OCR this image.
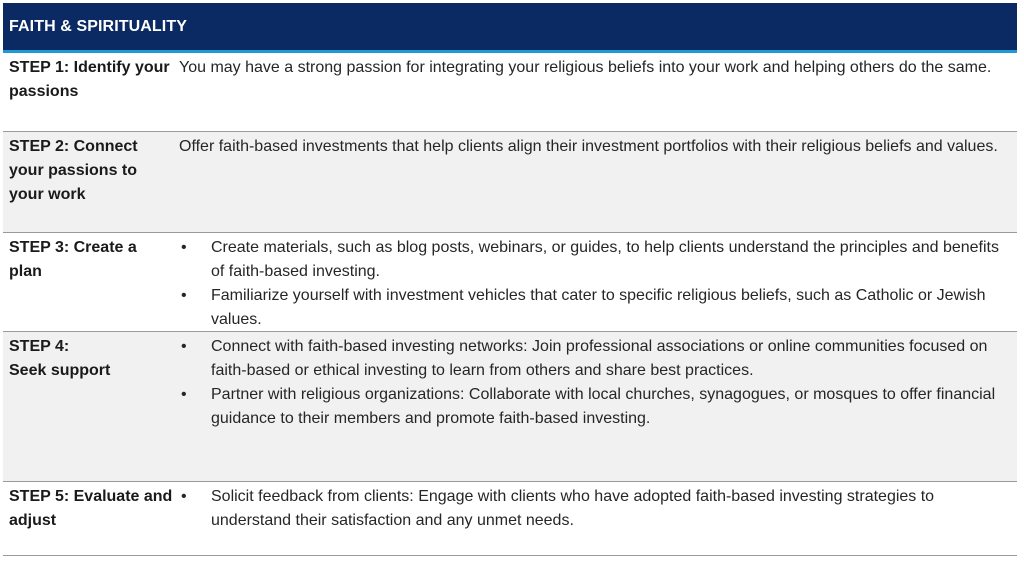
FAITH & SPIRITUALITY
STEP 1: Identify your passions

You may have a strong passion for integrating your religious beliefs into your work and helping others do the same.

STEP 2: Connect your passions to your work

Offer faith-based investments that help clients align their investment portfolios with their religious beliefs and values.

STEP 3: Create a plan
• Create materials, such as blog posts, webinars, or guides, to help clients understand the principles and benefits of faith-based investing.
• Familiarize yourself with investment vehicles that cater to specific religious beliefs, such as Catholic or Jewish values.
STEP 4:
Seek support
• Connect with faith-based investing networks: Join professional associations or online communities focused on faith-based or ethical investing to learn from others and share best practices.
• Partner with religious organizations: Collaborate with local churches, synagogues, or mosques to offer financial guidance to their members and promote faith-based investing.
STEP 5: Evaluate and adjust
• Solicit feedback from clients: Engage with clients who have adopted faith-based investing strategies to understand their satisfaction and any unmet needs.
